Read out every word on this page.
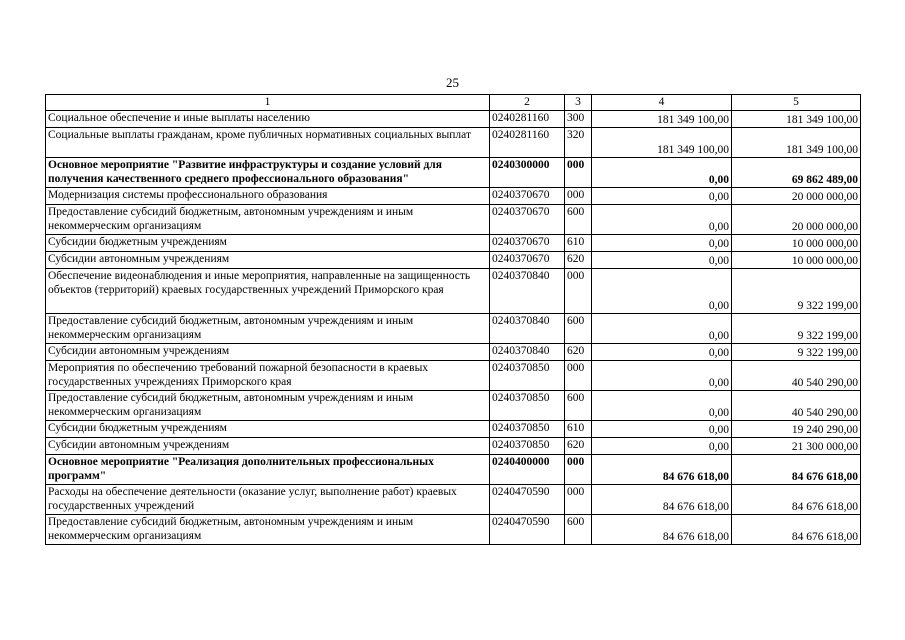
25
1	2	3	4	5
Социальное обеспечение и иные выплаты населению	0240281160	300	181 349 100,00	181 349 100,00
Социальные выплаты гражданам, кроме публичных нормативных социальных выплат	0240281160	320	181 349 100,00	181 349 100,00
Основное мероприятие "Развитие инфраструктуры и создание условий для получения качественного среднего профессионального образования"	0240300000	000	0,00	69 862 489,00
Модернизация системы профессионального образования	0240370670	000	0,00	20 000 000,00
Предоставление субсидий бюджетным, автономным учреждениям и иным некоммерческим организациям	0240370670	600	0,00	20 000 000,00
Субсидии бюджетным учреждениям	0240370670	610	0,00	10 000 000,00
Субсидии автономным учреждениям	0240370670	620	0,00	10 000 000,00
Обеспечение видеонаблюдения и иные мероприятия, направленные на защищенность объектов (территорий) краевых государственных учреждений Приморского края	0240370840	000	0,00	9 322 199,00
Предоставление субсидий бюджетным, автономным учреждениям и иным некоммерческим организациям	0240370840	600	0,00	9 322 199,00
Субсидии автономным учреждениям	0240370840	620	0,00	9 322 199,00
Мероприятия по обеспечению требований пожарной безопасности в краевых государственных учреждениях Приморского края	0240370850	000	0,00	40 540 290,00
Предоставление субсидий бюджетным, автономным учреждениям и иным некоммерческим организациям	0240370850	600	0,00	40 540 290,00
Субсидии бюджетным учреждениям	0240370850	610	0,00	19 240 290,00
Субсидии автономным учреждениям	0240370850	620	0,00	21 300 000,00
Основное мероприятие "Реализация дополнительных профессиональных программ"	0240400000	000	84 676 618,00	84 676 618,00
Расходы на обеспечение деятельности (оказание услуг, выполнение работ) краевых государственных учреждений	0240470590	000	84 676 618,00	84 676 618,00
Предоставление субсидий бюджетным, автономным учреждениям и иным некоммерческим организациям	0240470590	600	84 676 618,00	84 676 618,00
